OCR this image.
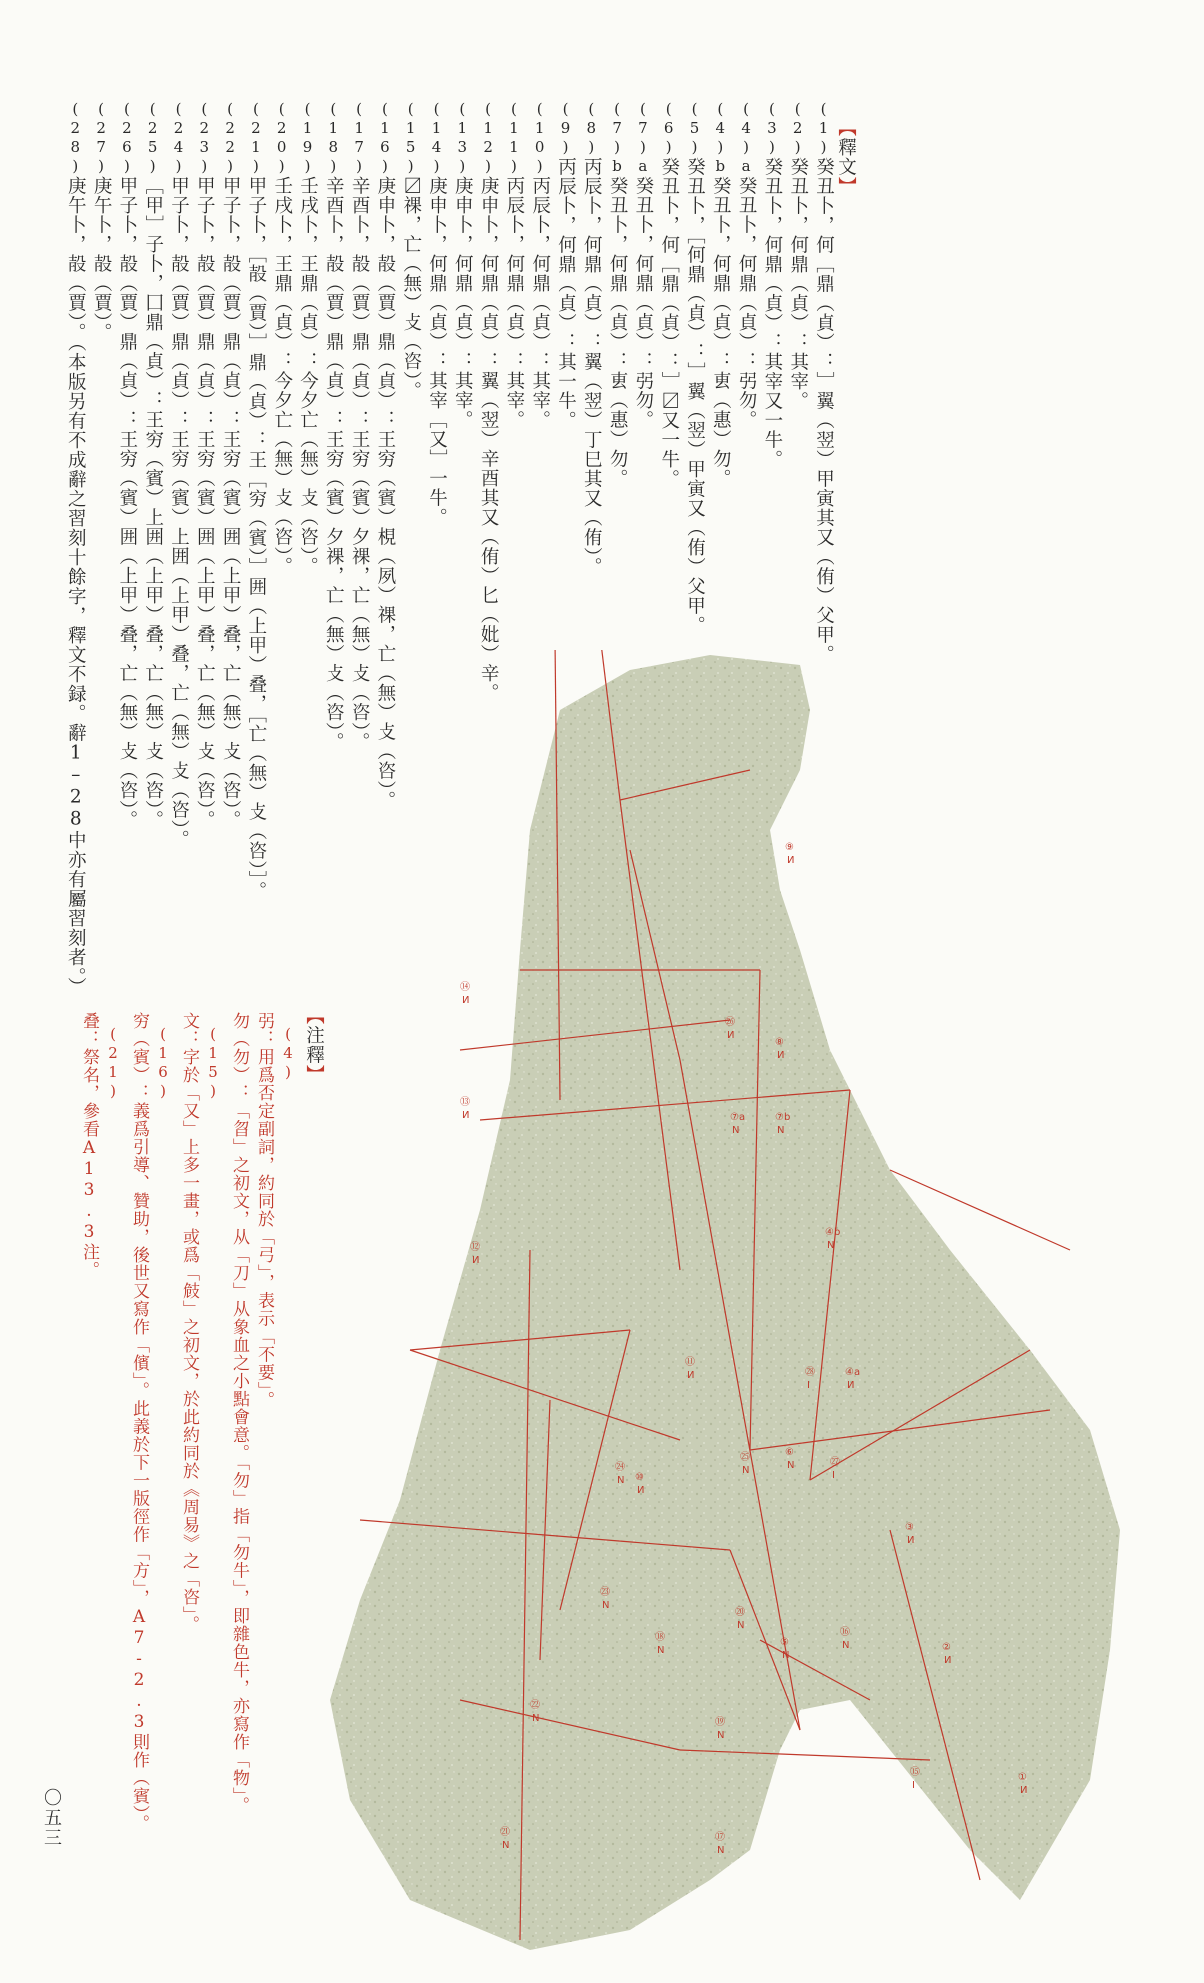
【釋文】
(1)癸丑卜，何［鼎（貞）：］翼（翌）甲寅其又（侑）父甲。
(2)癸丑卜，何鼎（貞）：其宰。
(3)癸丑卜，何鼎（貞）：其宰又一牛。
(4)a癸丑卜，何鼎（貞）：弜勿。
(4)b癸丑卜，何鼎（貞）：叀（惠）勿。
(5)癸丑卜，［何鼎（貞）：］翼（翌）甲寅又（侑）父甲。
(6)癸丑卜，何［鼎（貞）：］〼又一牛。
(7)a癸丑卜，何鼎（貞）：弜勿。
(7)b癸丑卜，何鼎（貞）：叀（惠）勿。
(8)丙辰卜，何鼎（貞）：翼（翌）丁巳其又（侑）。
(9)丙辰卜，何鼎（貞）：其一牛。
(10)丙辰卜，何鼎（貞）：其宰。
(11)丙辰卜，何鼎（貞）：其宰。
(12)庚申卜，何鼎（貞）：翼（翌）辛酉其又（侑）匕（妣）辛。
(13)庚申卜，何鼎（貞）：其宰。
(14)庚申卜，何鼎（貞）：其宰［又］一牛。
(15)〼祼，亡（無）攴（咨）。
(16)庚申卜，㱿（賈）鼎（貞）：王穷（賓）梘（夙）祼，亡（無）攴（咨）。
(17)辛酉卜，㱿（賈）鼎（貞）：王穷（賓）夕祼，亡（無）攴（咨）。
(18)辛酉卜，㱿（賈）鼎（貞）：王穷（賓）夕祼，亡（無）攴（咨）。
(19)壬戌卜，王鼎（貞）：今夕亡（無）攴（咨）。
(20)壬戌卜，王鼎（貞）：今夕亡（無）攴（咨）。
(21)甲子卜，［㱿（賈）］鼎（貞）：王［穷（賓）］囲（上甲）叠，［亡（無）攴（咨）］。
(22)甲子卜，㱿（賈）鼎（貞）：王穷（賓）囲（上甲）叠，亡（無）攴（咨）。
(23)甲子卜，㱿（賈）鼎（貞）：王穷（賓）囲（上甲）叠，亡（無）攴（咨）。
(24)甲子卜，㱿（賈）鼎（貞）：王穷（賓）上囲（上甲）叠，亡（無）攴（咨）。
(25)［甲］子卜，囗鼎（貞）：王穷（賓）上囲（上甲）叠，亡（無）攴（咨）。
(26)甲子卜，㱿（賈）鼎（貞）：王穷（賓）囲（上甲）叠，亡（無）攴（咨）。
(27)庚午卜，㱿（賈）。
(28)庚午卜，㱿（賈）。（本版另有不成辭之習刻十餘字，釋文不録。辭1–28中亦有屬習刻者。）
【注釋】
(4)
弜：用爲否定副詞，約同於「弓」，表示「不要」。
勿（勿）：「㫚」之初文，从「刀」从象血之小點會意。「勿」指「勿牛」，即雜色牛，亦寫作「物」。
(15)
文：字於「又」上多一畫，或爲「㩻」之初文，於此約同於《周易》之「咨」。
(16)
穷（賓）：義爲引導、贊助，後世又寫作「儐」。此義於下一版徑作「方」，A7-2.3則作（賓）。
(21)
叠：祭名，參看A13.3注。
〇五三
①
И
②
И
③
И
④a
И
④b
N
⑤
N
⑥
N
⑦a
N
⑦b
N
⑧
И
⑨
И
⑩
И
⑪
И
⑫
И
⑬
И
⑭
И
⑮
I
⑯
N
⑰
N
⑱
N
⑲
N
⑳
N
㉑
N
㉒
N
㉓
N
㉔
N
㉕
N
㉖
И
㉗
I
㉘
I
